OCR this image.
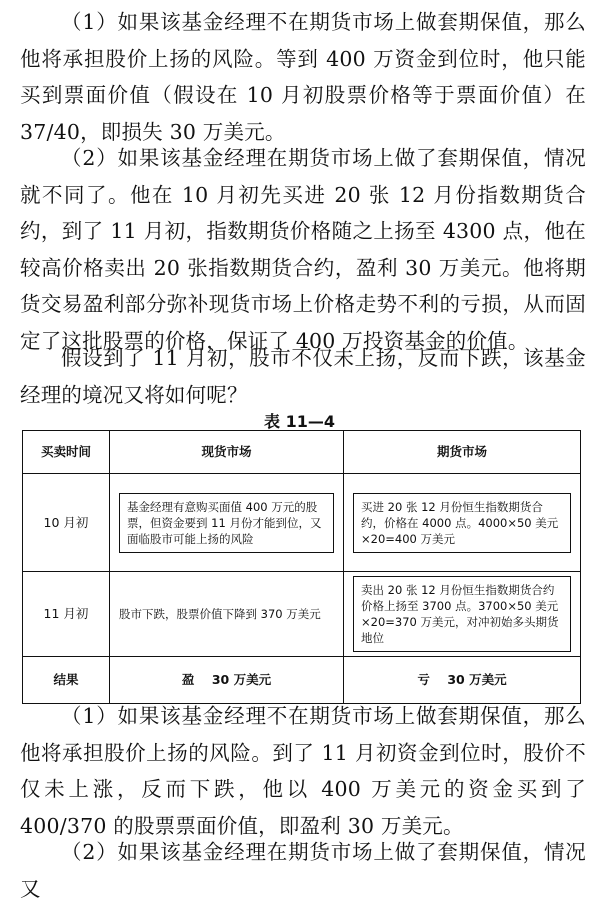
（1）如果该基金经理不在期货市场上做套期保值，那么他将承担股价上扬的风险。等到 400 万资金到位时，他只能买到票面价值（假设在 10 月初股票价格等于票面价值）在 37/40，即损失 30 万美元。

（2）如果该基金经理在期货市场上做了套期保值，情况就不同了。他在 10 月初先买进 20 张 12 月份指数期货合约，到了 11 月初，指数期货价格随之上扬至 4300 点，他在较高价格卖出 20 张指数期货合约，盈利 30 万美元。他将期货交易盈利部分弥补现货市场上价格走势不利的亏损，从而固定了这批股票的价格，保证了 400 万投资基金的价值。

假设到了 11 月初，股市不仅未上扬，反而下跌，该基金经理的境况又将如何呢？

表 11—4
买卖时间	现货市场	期货市场
10 月初	基金经理有意购买面值 400 万元的股票，但资金要到 11 月份才能到位，又面临股市可能上扬的风险	买进 20 张 12 月份恒生指数期货合约，价格在 4000 点。4000×50 美元×20=400 万美元

11 月初	股市下跌，股票价值下降到 370 万美元	卖出 20 张 12 月份恒生指数期货合约价格上扬至 3700 点。3700×50 美元×20=370 万美元，对冲初始多头期货地位

结果	盈 30 万美元	亏 30 万美元

（1）如果该基金经理不在期货市场上做套期保值，那么他将承担股价上扬的风险。到了 11 月初资金到位时，股价不仅未上涨，反而下跌，他以 400 万美元的资金买到了 400/370 的股票票面价值，即盈利 30 万美元。

（2）如果该基金经理在期货市场上做了套期保值，情况又
